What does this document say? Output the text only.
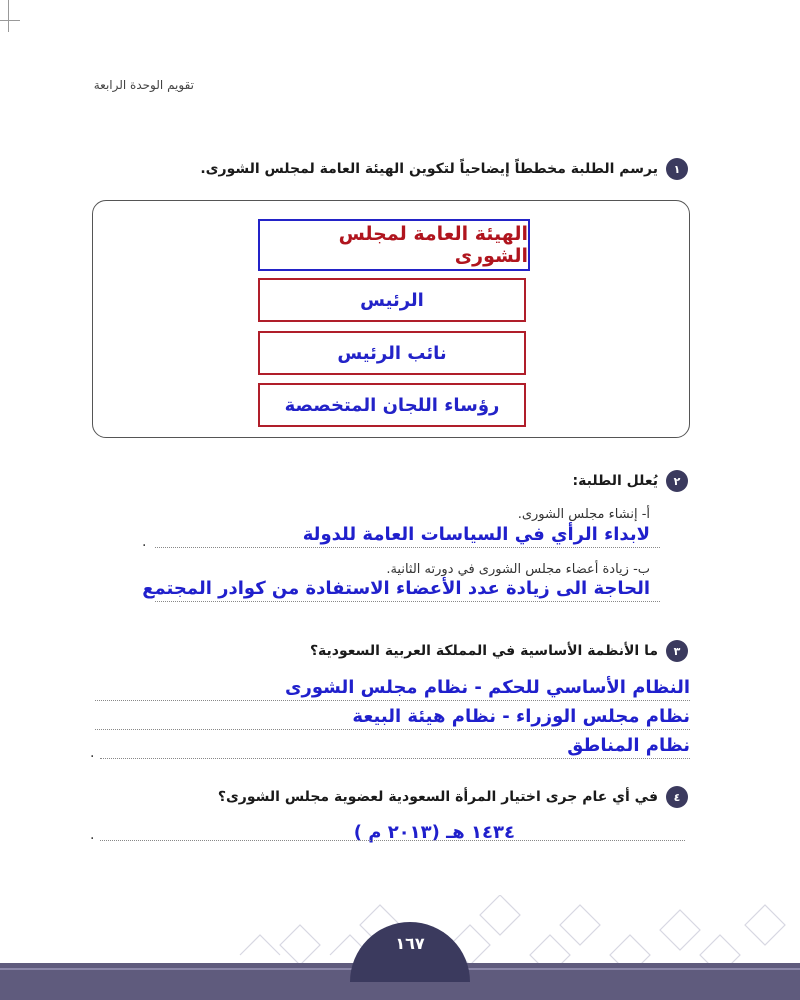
تقويم الوحدة الرابعة
١
يرسم الطلبة مخططاً إيضاحياً لتكوين الهيئة العامة لمجلس الشورى.
الهيئة العامة لمجلس الشورى
الرئيس
نائب الرئيس
رؤساء اللجان المتخصصة
٢
يُعلل الطلبة:
أ- إنشاء مجلس الشورى.
لابداء الرأي في السياسات العامة للدولة
.
ب- زيادة أعضاء مجلس الشورى في دورته الثانية.
الحاجة الى زيادة عدد الأعضاء الاستفادة من كوادر المجتمع
٣
ما الأنظمة الأساسية في المملكة العربية السعودية؟
النظام الأساسي للحكم - نظام مجلس الشورى
نظام مجلس الوزراء - نظام هيئة البيعة
نظام المناطق
.
٤
في أي عام جرى اختيار المرأة السعودية لعضوية مجلس الشورى؟
١٤٣٤ هـ (٢٠١٣ م )
.
١٦٧
